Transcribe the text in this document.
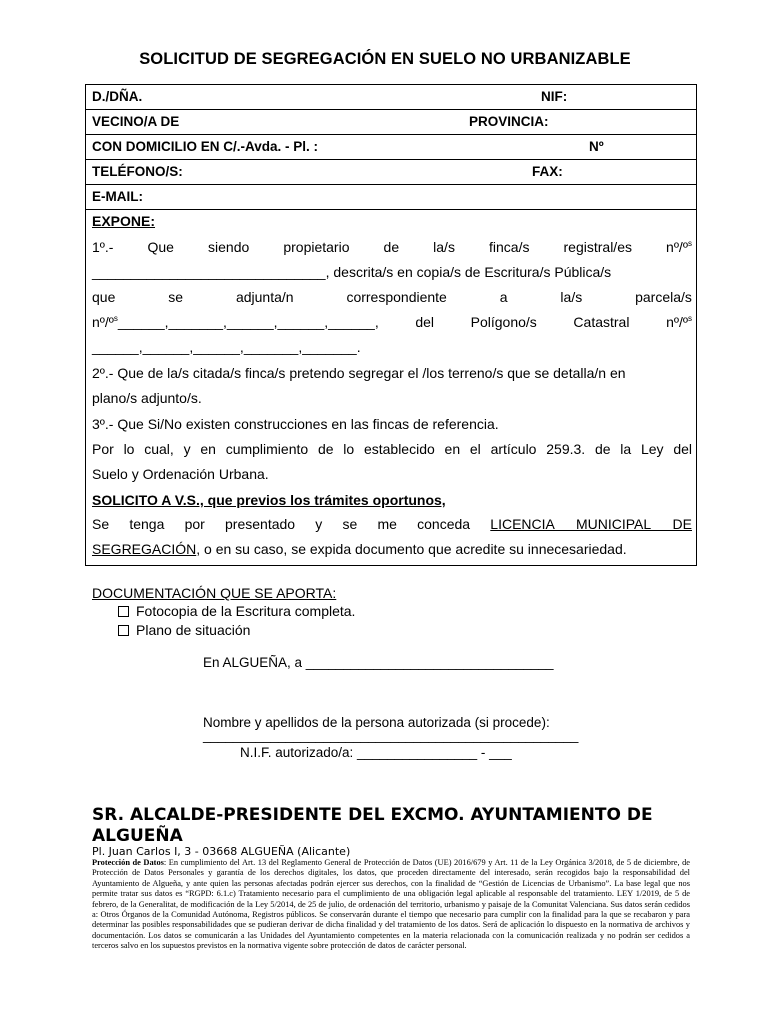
SOLICITUD DE SEGREGACIÓN EN SUELO NO URBANIZABLE
D./DÑA.	NIF:
VECINO/A DE	PROVINCIA:
CON DOMICILIO EN C/.-Avda. - Pl. :	Nº
TELÉFONO/S:	FAX:
E-MAIL:
EXPONE:
1º.- Que siendo propietario de la/s finca/s registral/es nº/º$^s$
______________________________, descrita/s en copia/s de Escritura/s Pública/s
que	se	adjunta/n	correspondiente	a	la/s	parcela/s
nº/º$^s$______,_______,______,______,______,	del	Polígono/s	Catastral	nº/º$^s$
______,______,______,_______,_______.
2º.- Que de la/s citada/s finca/s pretendo segregar el /los terreno/s que se detalla/n en
plano/s adjunto/s.
3º.- Que Si/No existen construcciones en las fincas de referencia.
Por lo cual, y en cumplimiento de lo establecido en el artículo 259.3. de la Ley del
Suelo y Ordenación Urbana.
SOLICITO A V.S., que previos los trámites oportunos,
Se tenga por presentado y se me conceda LICENCIA MUNICIPAL DE
SEGREGACIÓN, o en su caso, se expida documento que acredite su innecesariedad.
DOCUMENTACIÓN QUE SE APORTA:
Fotocopia de la Escritura completa.
Plano de situación
En ALGUEÑA, a _________________________________
Nombre y apellidos de la persona autorizada (si procede):
__________________________________________________
N.I.F. autorizado/a: ________________ - ___
SR. ALCALDE-PRESIDENTE DEL EXCMO. AYUNTAMIENTO DE ALGUEÑA
Pl. Juan Carlos I, 3 - 03668 ALGUEÑA (Alicante)
Protección de Datos: En cumplimiento del Art. 13 del Reglamento General de Protección de Datos (UE) 2016/679 y Art. 11 de la Ley Orgánica 3/2018, de 5 de diciembre, de Protección de Datos Personales y garantía de los derechos digitales, los datos, que proceden directamente del interesado, serán recogidos bajo la responsabilidad del Ayuntamiento de Algueña, y ante quien las personas afectadas podrán ejercer sus derechos, con la finalidad de “Gestión de Licencias de Urbanismo”. La base legal que nos permite tratar sus datos es “RGPD: 6.1.c) Tratamiento necesario para el cumplimiento de una obligación legal aplicable al responsable del tratamiento. LEY 1/2019, de 5 de febrero, de la Generalitat, de modificación de la Ley 5/2014, de 25 de julio, de ordenación del territorio, urbanismo y paisaje de la Comunitat Valenciana. Sus datos serán cedidos a: Otros Órganos de la Comunidad Autónoma, Registros públicos. Se conservarán durante el tiempo que necesario para cumplir con la finalidad para la que se recabaron y para determinar las posibles responsabilidades que se pudieran derivar de dicha finalidad y del tratamiento de los datos. Será de aplicación lo dispuesto en la normativa de archivos y documentación. Los datos se comunicarán a las Unidades del Ayuntamiento competentes en la materia relacionada con la comunicación realizada y no podrán ser cedidos a terceros salvo en los supuestos previstos en la normativa vigente sobre protección de datos de carácter personal.
